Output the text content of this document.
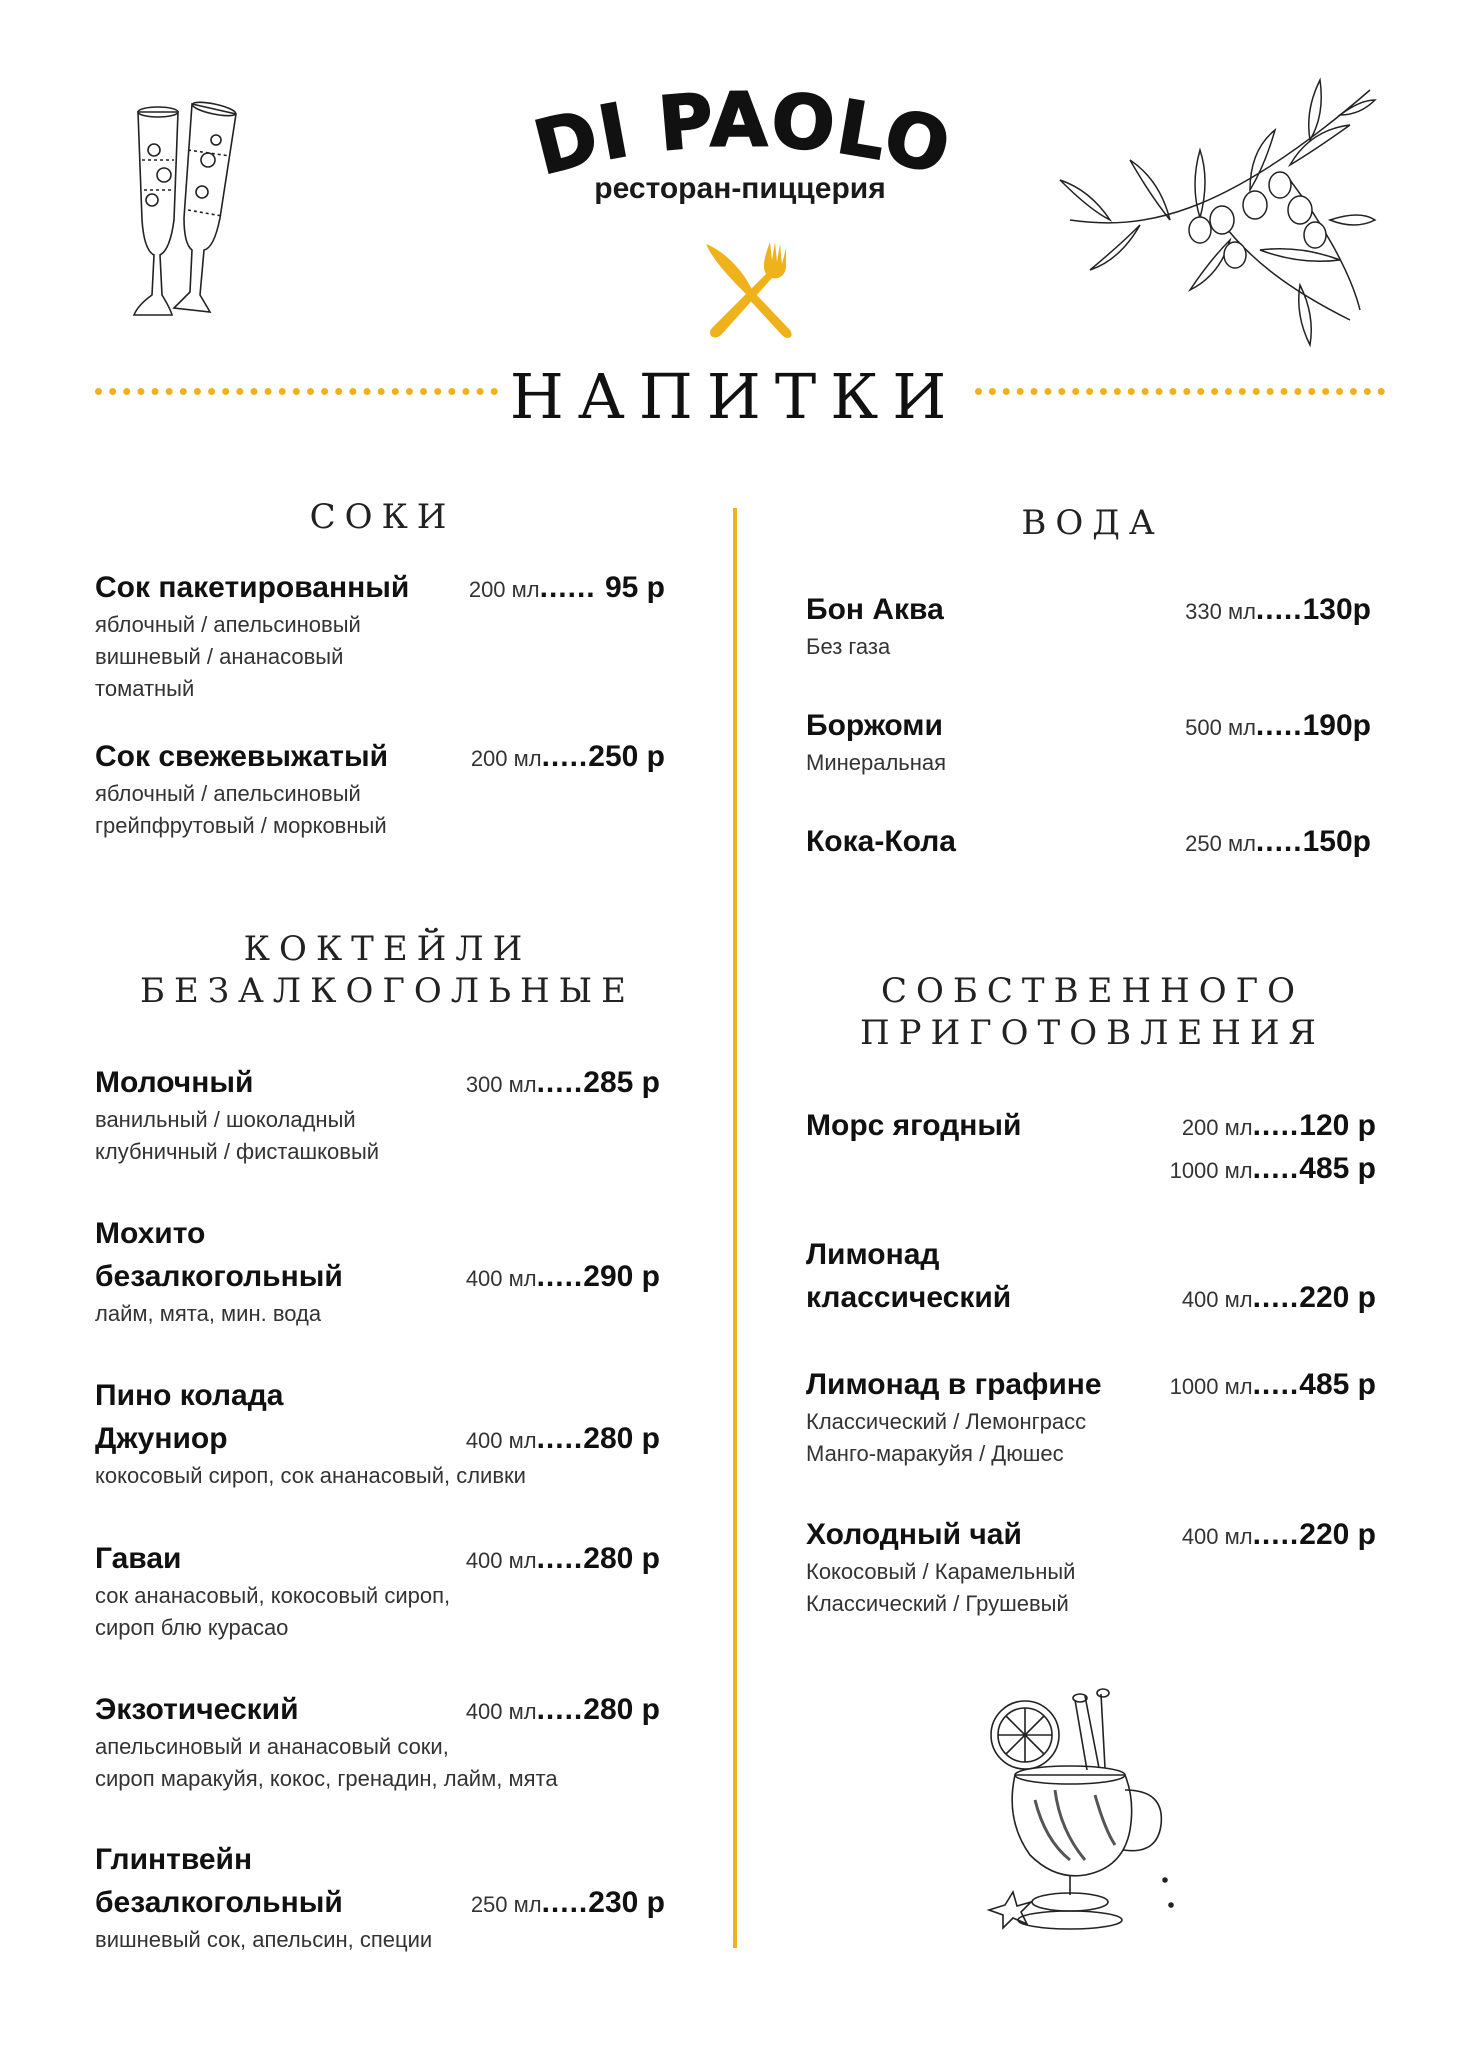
DI PAOLO
ресторан-пиццерия
НАПИТКИ
СОКИ
Сок пакетированный
яблочный / апельсиновый
вишневый / ананасовый
томатный
200 мл...... 95 р
Сок свежевыжатый
яблочный / апельсиновый
грейпфрутовый / морковный
200 мл.....250 р
КОКТЕЙЛИ
БЕЗАЛКОГОЛЬНЫЕ
Молочный
ванильный / шоколадный
клубничный / фисташковый
300 мл.....285 р
Мохито
безалкогольный
лайм, мята, мин. вода
400 мл.....290 р
Пино колада
Джуниор
кокосовый сироп, сок ананасовый, сливки
400 мл.....280 р
Гаваи
сок ананасовый, кокосовый сироп,
сироп блю курасао
400 мл.....280 р
Экзотический
апельсиновый и ананасовый соки,
сироп маракуйя, кокос, гренадин, лайм, мята
400 мл.....280 р
Глинтвейн
безалкогольный
вишневый сок, апельсин, специи
250 мл.....230 р
ВОДА
Бон Аква
Без газа
330 мл.....130р
Боржоми
Минеральная
500 мл.....190р
Кока-Кола	250 мл.....150р
СОБСТВЕННОГО
ПРИГОТОВЛЕНИЯ
Морс ягодный	200 мл.....120 р
1000 мл.....485 р
Лимонад
классический	400 мл.....220 р
Лимонад в графине
Классический / Лемонграсс
Манго-маракуйя / Дюшес
1000 мл.....485 р
Холодный чай
Кокосовый / Карамельный
Классический / Грушевый
400 мл.....220 р
